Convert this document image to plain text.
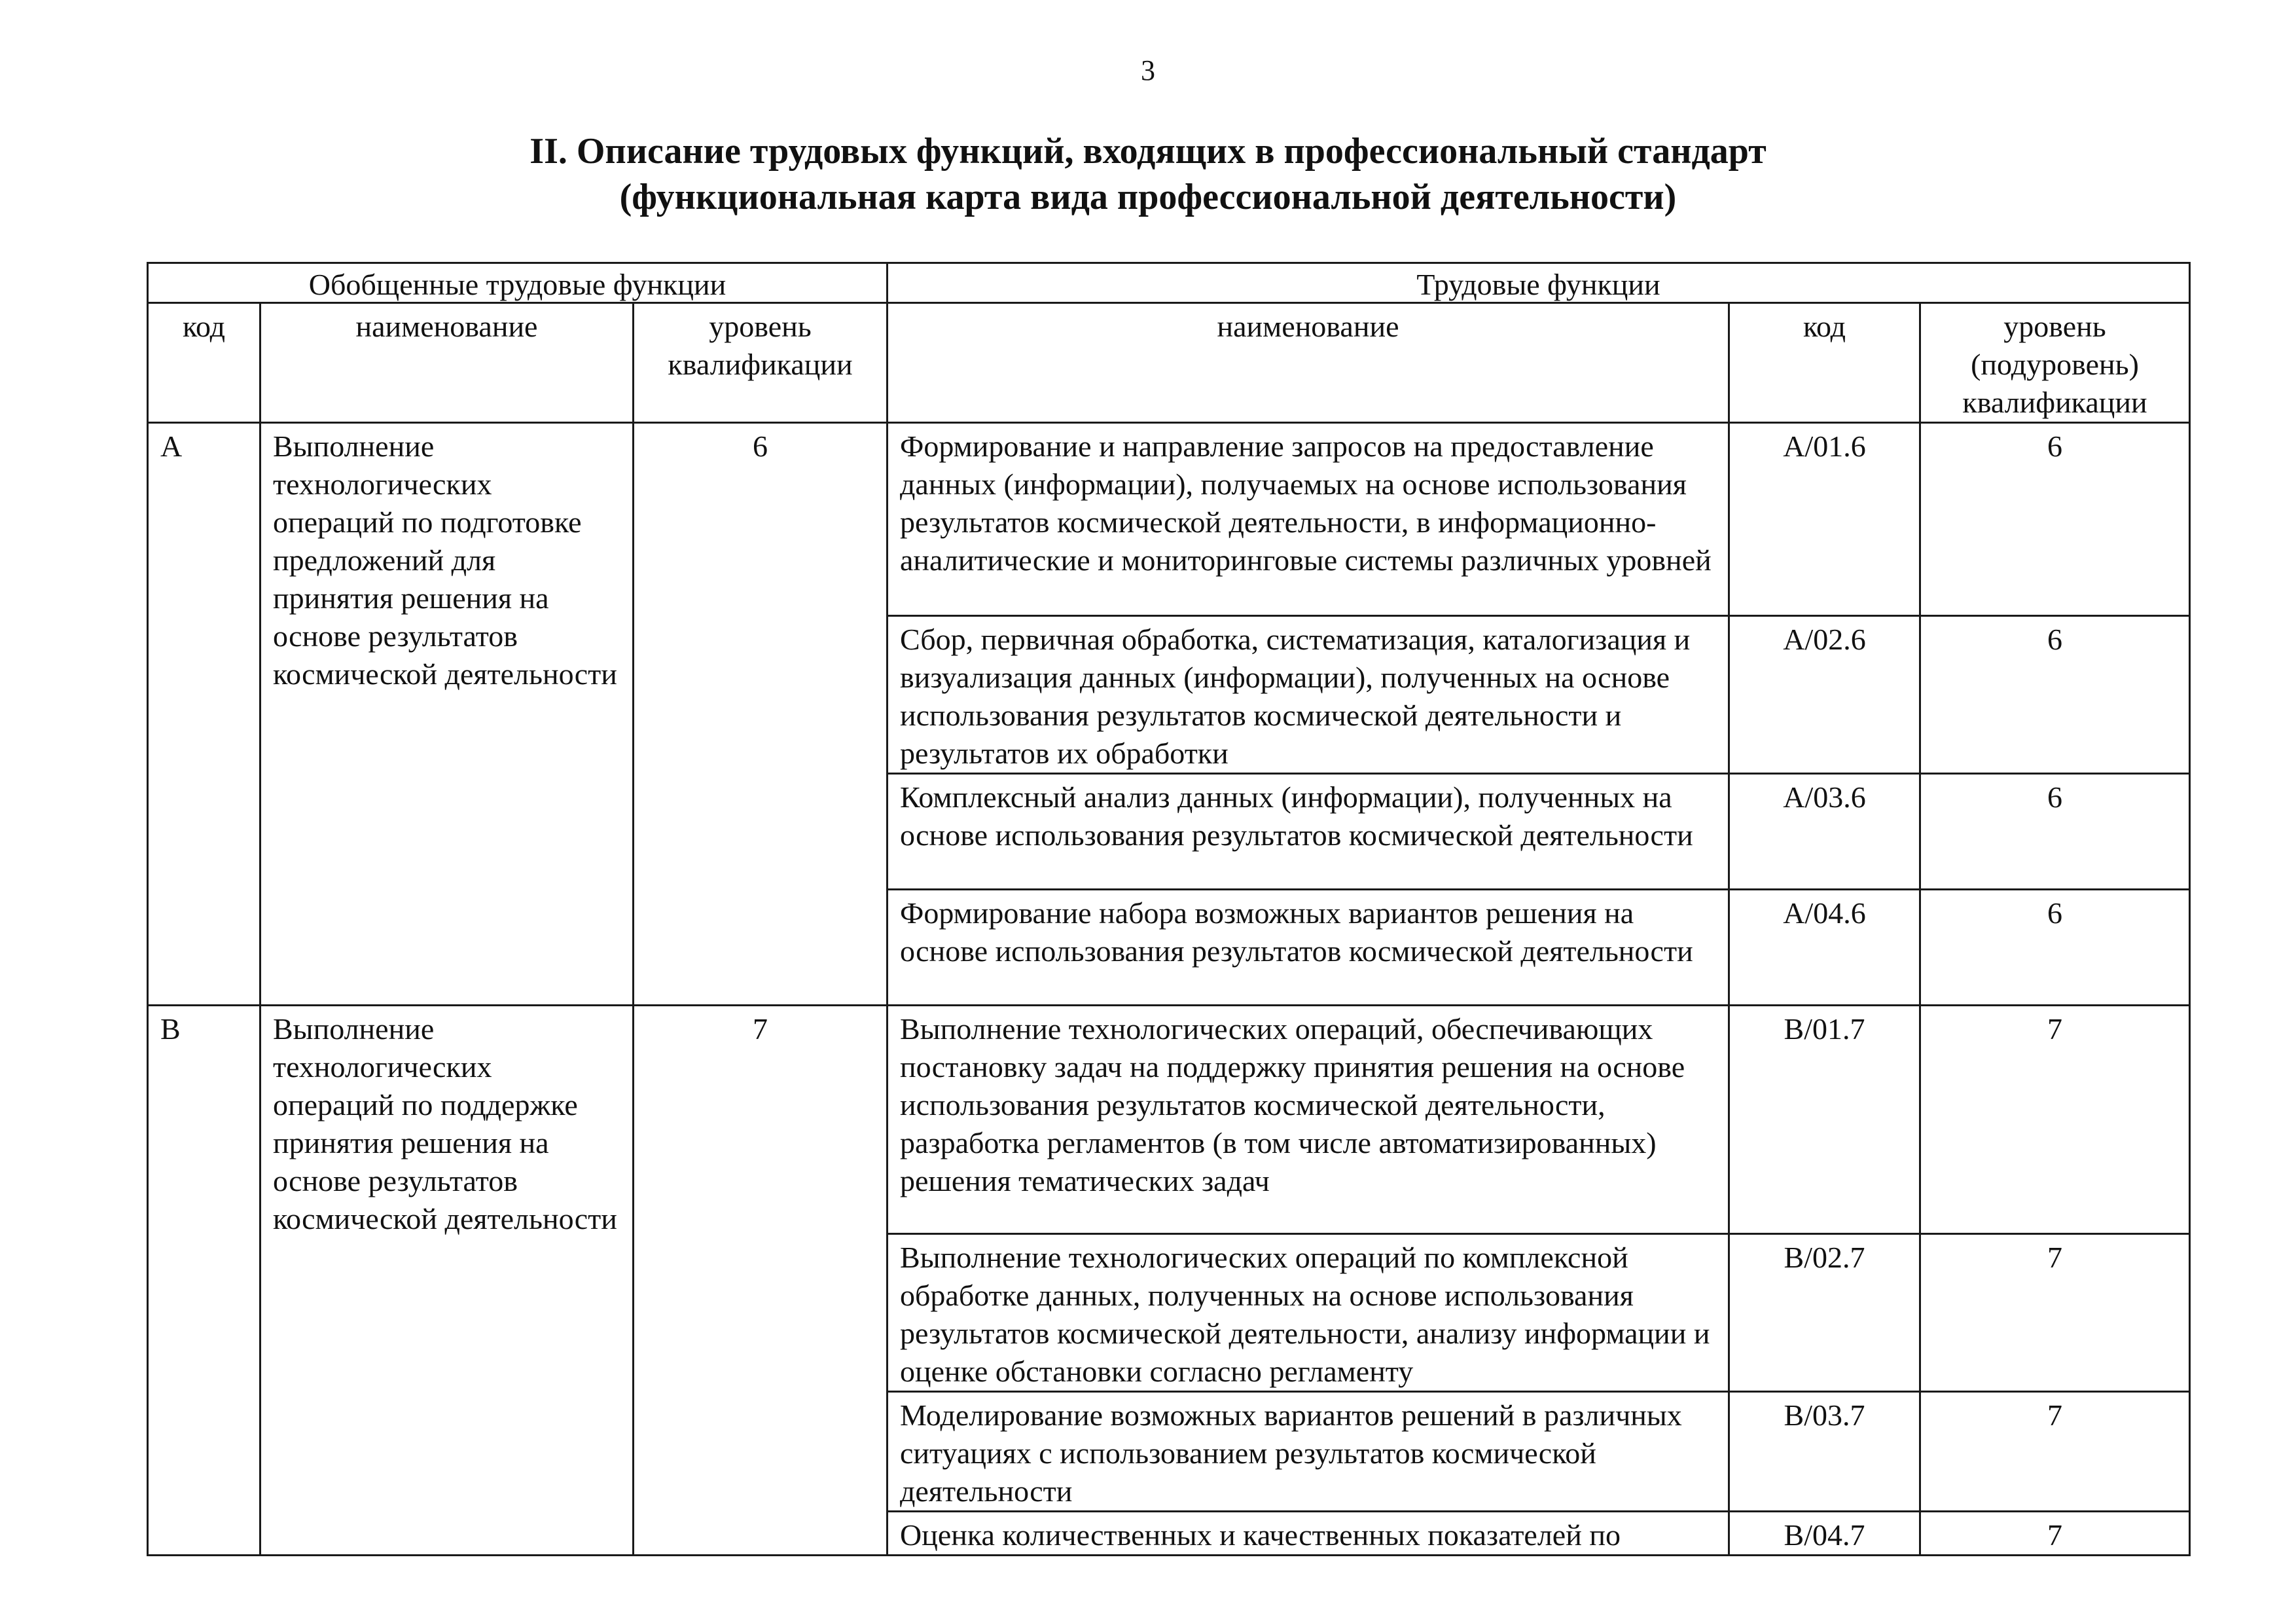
3
II. Описание трудовых функций, входящих в профессиональный стандарт
(функциональная карта вида профессиональной деятельности)
Обобщенные трудовые функции			Трудовые функции		
код	наименование	уровень квалификации	наименование	код	уровень (подуровень) квалификации
A	Выполнение технологических операций по подготовке предложений для принятия решения на основе результатов космической деятельности	6	Формирование и направление запросов на предоставление данных (информации), получаемых на основе использования результатов космической деятельности, в информационно-аналитические и мониторинговые системы различных уровней	A/01.6	6
			Сбор, первичная обработка, систематизация, каталогизация и визуализация данных (информации), полученных на основе использования результатов космической деятельности и результатов их обработки	A/02.6	6
			Комплексный анализ данных (информации), полученных на основе использования результатов космической деятельности	A/03.6	6
			Формирование набора возможных вариантов решения на основе использования результатов космической деятельности	A/04.6	6
B	Выполнение технологических операций по поддержке принятия решения на основе результатов космической деятельности	7	Выполнение технологических операций, обеспечивающих постановку задач на поддержку принятия решения на основе использования результатов космической деятельности, разработка регламентов (в том числе автоматизированных) решения тематических задач	B/01.7	7
			Выполнение технологических операций по комплексной обработке данных, полученных на основе использования результатов космической деятельности, анализу информации и оценке обстановки согласно регламенту	B/02.7	7
			Моделирование возможных вариантов решений в различных ситуациях с использованием результатов космической деятельности	B/03.7	7
			Оценка количественных и качественных показателей по	B/04.7	7
